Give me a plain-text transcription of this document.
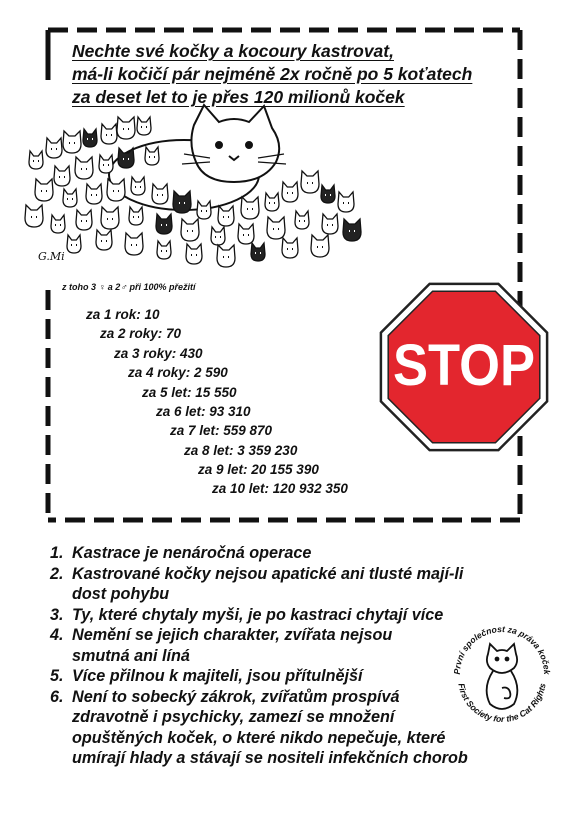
Nechte své kočky a kocoury kastrovat,
má-li kočičí pár nejméně 2x ročně po 5 koťatech
za deset let to je přes 120 milionů koček
G.Mi
z toho 3 ♀ a 2♂ při 100% přežití
za 1 rok: 10
za 2 roky: 70
za 3 roky: 430
za 4 roky: 2 590
za 5 let: 15 550
za 6 let: 93 310
za 7 let: 559 870
za 8 let: 3 359 230
za 9 let: 20 155 390
za 10 let: 120 932 350
STOP
1. Kastrace je nenáročná operace
2. Kastrované kočky nejsou apatické ani tlusté mají-li
dost pohybu
3. Ty, které chytaly myši, je po kastraci chytají více
4. Nemění se jejich charakter, zvířata nejsou
smutná ani líná
5. Více přilnou k majiteli, jsou přítulnější
6. Není to sobecký zákrok, zvířatům prospívá
zdravotně i psychicky, zamezí se množení
opuštěných koček, o které nikdo nepečuje, které
umírají hlady a stávají se nositeli infekčních chorob
První společnost za práva koček
First Society for the Cat Rights
